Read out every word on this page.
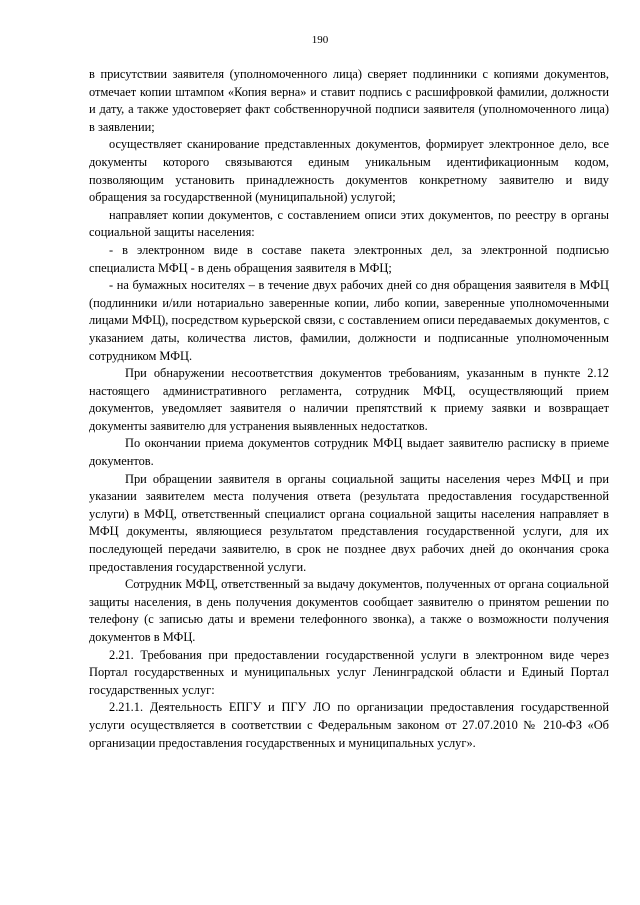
190

в присутствии заявителя (уполномоченного лица) сверяет подлинники с копиями документов, отмечает копии штампом «Копия верна» и ставит подпись с расшифровкой фамилии, должности и дату, а также удостоверяет факт собственноручной подписи заявителя (уполномоченного лица) в заявлении;

осуществляет сканирование представленных документов, формирует электронное дело, все документы которого связываются единым уникальным идентификационным кодом, позволяющим установить принадлежность документов конкретному заявителю и виду обращения за государственной (муниципальной) услугой;

направляет копии документов, с составлением описи этих документов, по реестру в органы социальной защиты населения:

- в электронном виде в составе пакета электронных дел, за электронной подписью специалиста МФЦ - в день обращения заявителя в МФЦ;

- на бумажных носителях – в течение двух рабочих дней со дня обращения заявителя в МФЦ (подлинники и/или нотариально заверенные копии, либо копии, заверенные уполномоченными лицами МФЦ), посредством курьерской связи, с составлением описи передаваемых документов, с указанием даты, количества листов, фамилии, должности и подписанные уполномоченным сотрудником МФЦ.

При обнаружении несоответствия документов требованиям, указанным в пункте 2.12 настоящего административного регламента, сотрудник МФЦ, осуществляющий прием документов, уведомляет заявителя о наличии препятствий к приему заявки и возвращает документы заявителю для устранения выявленных недостатков.

По окончании приема документов сотрудник МФЦ выдает заявителю расписку в приеме документов.

При обращении заявителя в органы социальной защиты населения через МФЦ и при указании заявителем места получения ответа (результата предоставления государственной услуги) в МФЦ, ответственный специалист органа социальной защиты населения направляет в МФЦ документы, являющиеся результатом представления государственной услуги, для их последующей передачи заявителю, в срок не позднее двух рабочих дней до окончания срока предоставления государственной услуги.

Сотрудник МФЦ, ответственный за выдачу документов, полученных от органа социальной защиты населения, в день получения документов сообщает заявителю о принятом решении по телефону (с записью даты и времени телефонного звонка), а также о возможности получения документов в МФЦ.

2.21. Требования при предоставлении государственной услуги в электронном виде через Портал государственных и муниципальных услуг Ленинградской области и Единый Портал государственных услуг:

2.21.1. Деятельность ЕПГУ и ПГУ ЛО по организации предоставления государственной услуги осуществляется в соответствии с Федеральным законом от 27.07.2010 № 210-ФЗ «Об организации предоставления государственных и муниципальных услуг».
